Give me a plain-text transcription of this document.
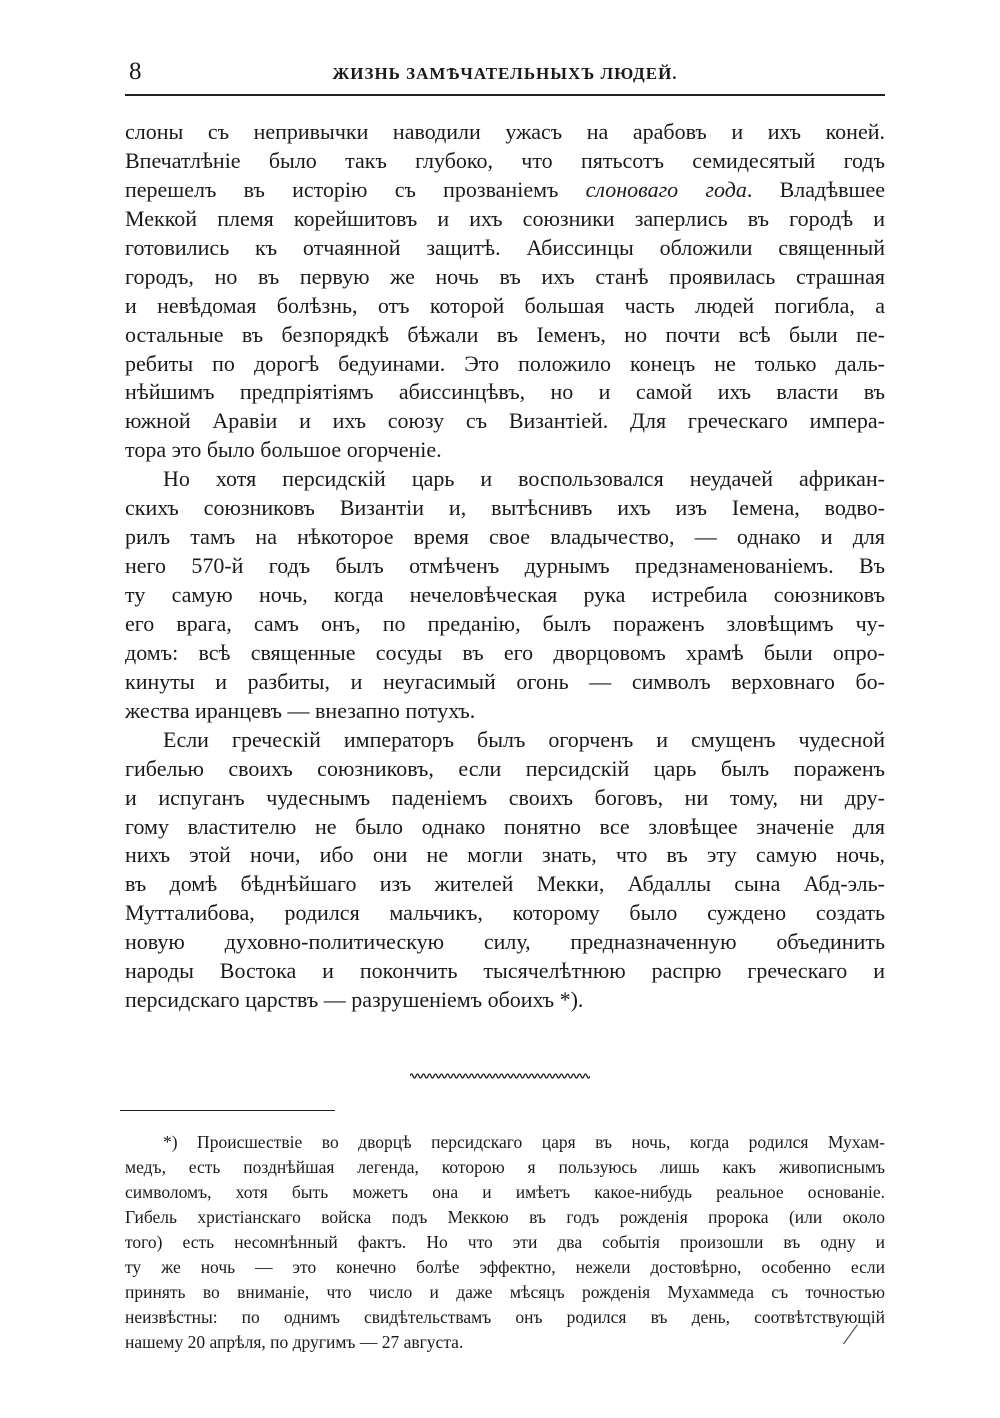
8	ЖИЗНЬ ЗАМѢЧАТЕЛЬНЫХЪ ЛЮДЕЙ.
слоны съ непривычки наводили ужасъ на арабовъ и ихъ коней.
Впечатлѣніе было такъ глубоко, что пятьсотъ семидесятый годъ
перешелъ въ исторію съ прозваніемъ слоноваго года. Владѣвшее
Меккой племя корейшитовъ и ихъ союзники заперлись въ городѣ и
готовились къ отчаянной защитѣ. Абиссинцы обложили священный
городъ, но въ первую же ночь въ ихъ станѣ проявилась страшная
и невѣдомая болѣзнь, отъ которой большая часть людей погибла, а
остальные въ безпорядкѣ бѣжали въ Іеменъ, но почти всѣ были пе-
ребиты по дорогѣ бедуинами. Это положило конецъ не только даль-
нѣйшимъ предпріятіямъ абиссинцѣвъ, но и самой ихъ власти въ
южной Аравіи и ихъ союзу съ Византіей. Для греческаго импера-
тора это было большое огорченіе.
Но хотя персидскій царь и воспользовался неудачей африкан-
скихъ союзниковъ Византіи и, вытѣснивъ ихъ изъ Іемена, водво-
рилъ тамъ на нѣкоторое время свое владычество, — однако и для
него 570-й годъ былъ отмѣченъ дурнымъ предзнаменованіемъ. Въ
ту самую ночь, когда нечеловѣческая рука истребила союзниковъ
его врага, самъ онъ, по преданію, былъ пораженъ зловѣщимъ чу-
домъ: всѣ священные сосуды въ его дворцовомъ храмѣ были опро-
кинуты и разбиты, и неугасимый огонь — символъ верховнаго бо-
жества иранцевъ — внезапно потухъ.
Если греческій императоръ былъ огорченъ и смущенъ чудесной
гибелью своихъ союзниковъ, если персидскій царь былъ пораженъ
и испуганъ чудеснымъ паденіемъ своихъ боговъ, ни тому, ни дру-
гому властителю не было однако понятно все зловѣщее значеніе для
нихъ этой ночи, ибо они не могли знать, что въ эту самую ночь,
въ домѣ бѣднѣйшаго изъ жителей Мекки, Абдаллы сына Абд-эль-
Мутталибова, родился мальчикъ, которому было суждено создать
новую духовно-политическую силу, предназначенную объединить
народы Востока и покончить тысячелѣтнюю распрю греческаго и
персидскаго царствъ — разрушеніемъ обоихъ *).
*) Происшествіе во дворцѣ персидскаго царя въ ночь, когда родился Мухам-
медъ, есть позднѣйшая легенда, которою я пользуюсь лишь какъ живописнымъ
символомъ, хотя быть можетъ она и имѣетъ какое-нибудь реальное основаніе.
Гибель христіанскаго войска подъ Меккою въ годъ рожденія пророка (или около
того) есть несомнѣнный фактъ. Но что эти два событія произошли въ одну и
ту же ночь — это конечно болѣе эффектно, нежели достовѣрно, особенно если
принять во вниманіе, что число и даже мѣсяцъ рожденія Мухаммеда съ точностью
неизвѣстны: по однимъ свидѣтельствамъ онъ родился въ день, соотвѣтствующій
нашему 20 апрѣля, по другимъ — 27 августа.	⁄
